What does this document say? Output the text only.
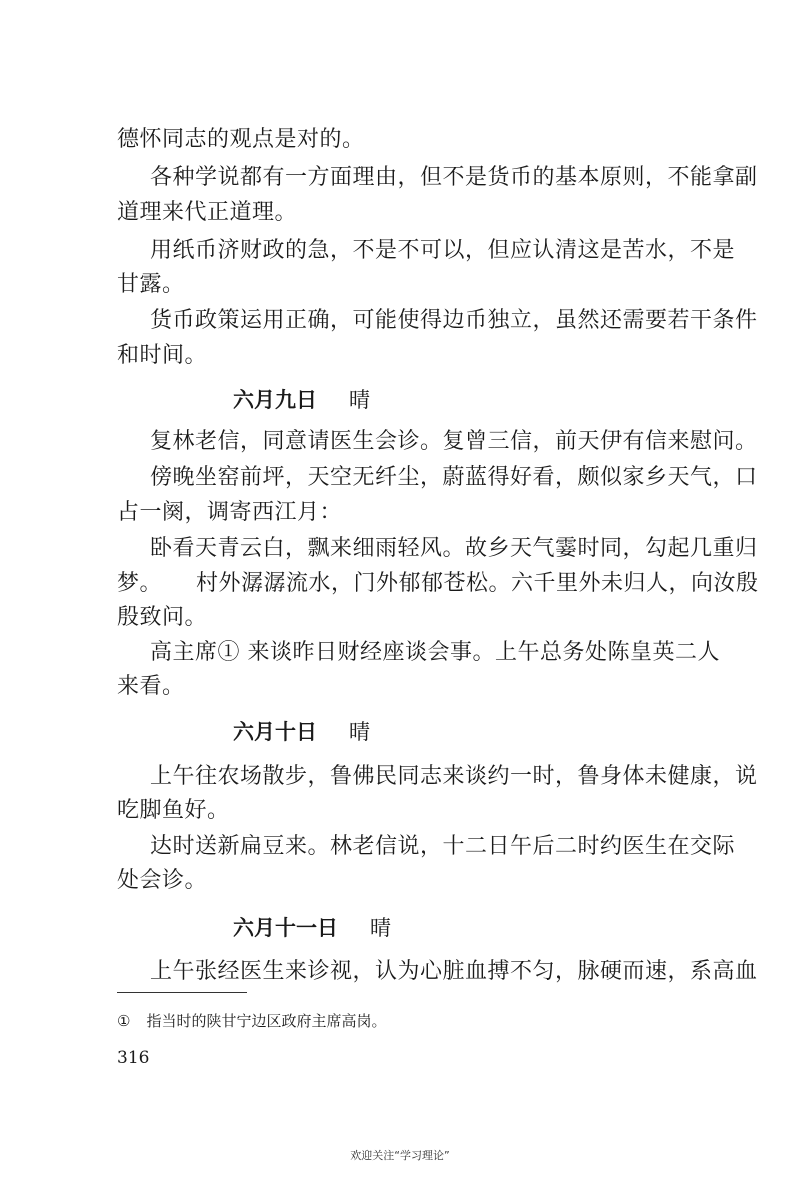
德怀同志的观点是对的。
各种学说都有一方面理由，但不是货币的基本原则，不能拿副
道理来代正道理。
用纸币济财政的急，不是不可以，但应认清这是苦水，不是
甘露。
货币政策运用正确，可能使得边币独立，虽然还需要若干条件
和时间。
六月九日 晴
复林老信，同意请医生会诊。复曾三信，前天伊有信来慰问。
傍晚坐窑前坪，天空无纤尘，蔚蓝得好看，颇似家乡天气，口
占一阕，调寄西江月：
卧看天青云白，飘来细雨轻风。故乡天气霎时同，勾起几重归
梦。　　村外潺潺流水，门外郁郁苍松。六千里外未归人，向汝殷
殷致问。
高主席① 来谈昨日财经座谈会事。上午总务处陈皇英二人
来看。
六月十日 晴
上午往农场散步，鲁佛民同志来谈约一时，鲁身体未健康，说
吃脚鱼好。
达时送新扁豆来。林老信说，十二日午后二时约医生在交际
处会诊。
六月十一日 晴
上午张经医生来诊视，认为心脏血搏不匀，脉硬而速，系高血
① 指当时的陕甘宁边区政府主席高岗。
316
欢迎关注“学习理论”
